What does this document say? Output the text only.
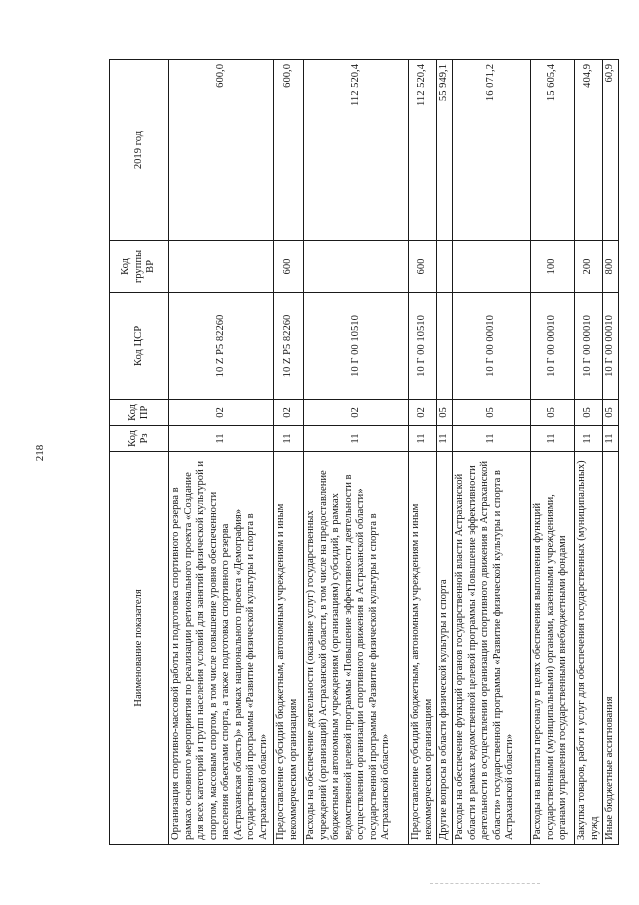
218
Наименование показателя	Код Рз	Код ПР	Код ЦСР	Код группы ВР	2019 год
Организация спортивно-массовой работы и подготовка спортивного резерва в рамках основного мероприятия по реализации регионального проекта «Создание для всех категорий и групп населения условий для занятий физической культурой и спортом, массовым спортом, в том числе повышение уровня обеспеченности населения объектами спорта, а также подготовка спортивного резерва (Астраханская область)» в рамках национального проекта «Демография» государственной программы «Развитие физической культуры и спорта в Астраханской области»	11	02	10 Z P5 82260		600,0
Предоставление субсидий бюджетным, автономным учреждениям и иным некоммерческим организациям	11	02	10 Z P5 82260	600	600,0
Расходы на обеспечение деятельности (оказание услуг) государственных учреждений (организаций) Астраханской области, в том числе на предоставление бюджетным и автономным учреждениям (организациям) субсидий, в рамках ведомственной целевой программы «Повышение эффективности деятельности в осуществлении организации спортивного движения в Астраханской области» государственной программы «Развитие физической культуры и спорта в Астраханской области»	11	02	10 Г 00 10510		112 520,4
Предоставление субсидий бюджетным, автономным учреждениям и иным некоммерческим организациям	11	02	10 Г 00 10510	600	112 520,4
Другие вопросы в области физической культуры и спорта	11	05			55 949,1
Расходы на обеспечение функций органов государственной власти Астраханской области в рамках ведомственной целевой программы «Повышение эффективности деятельности в осуществлении организации спортивного движения в Астраханской области» государственной программы «Развитие физической культуры и спорта в Астраханской области»	11	05	10 Г 00 00010		16 071,2
Расходы на выплаты персоналу в целях обеспечения выполнения функций государственными (муниципальными) органами, казенными учреждениями, органами управления государственными внебюджетными фондами	11	05	10 Г 00 00010	100	15 605,4
Закупка товаров, работ и услуг для обеспечения государственных (муниципальных) нужд	11	05	10 Г 00 00010	200	404,9
Иные бюджетные ассигнования	11	05	10 Г 00 00010	800	60,9
